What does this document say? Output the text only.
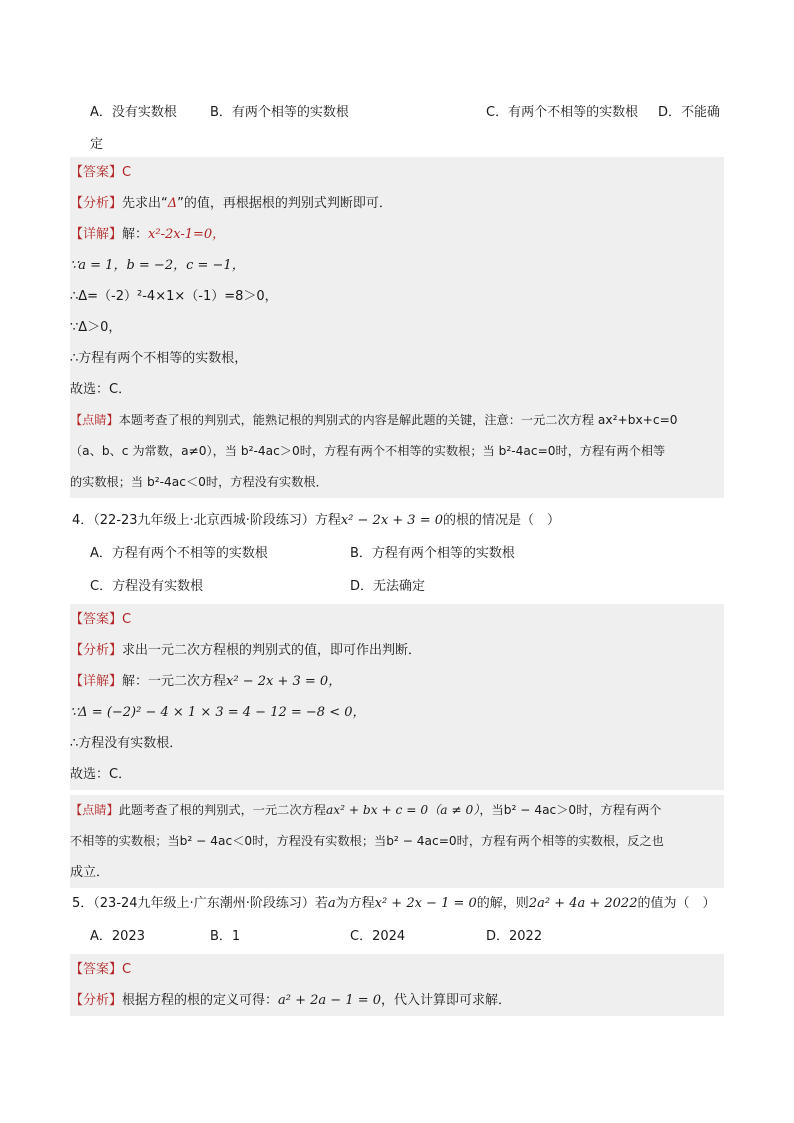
A．没有实数根	B．有两个相等的实数根	C．有两个不相等的实数根 D．不能确
定
【答案】C
【分析】先求出“Δ”的值，再根据根的判别式判断即可．
【详解】解：x²-2x-1=0，
∵a = 1，b = −2，c = −1，
∴Δ=（-2）²-4×1×（-1）=8＞0，
∵Δ＞0，
∴方程有两个不相等的实数根，
故选：C．
【点睛】本题考查了根的判别式，能熟记根的判别式的内容是解此题的关键，注意：一元二次方程 ax²+bx+c=0
（a、b、c 为常数，a≠0），当 b²-4ac＞0时，方程有两个不相等的实数根；当 b²-4ac=0时，方程有两个相等
的实数根；当 b²-4ac＜0时，方程没有实数根．
4．（22-23九年级上·北京西城·阶段练习）方程x² − 2x + 3 = 0的根的情况是（　）
A．方程有两个不相等的实数根	B．方程有两个相等的实数根
C．方程没有实数根	D．无法确定
【答案】C
【分析】求出一元二次方程根的判别式的值，即可作出判断．
【详解】解：一元二次方程x² − 2x + 3 = 0，
∵Δ = (−2)² − 4 × 1 × 3 = 4 − 12 = −8 < 0，
∴方程没有实数根．
故选：C．
【点睛】此题考查了根的判别式，一元二次方程ax² + bx + c = 0（a ≠ 0），当b² − 4ac＞0时，方程有两个
不相等的实数根；当b² − 4ac＜0时，方程没有实数根；当b² − 4ac=0时，方程有两个相等的实数根，反之也
成立．
5．（23-24九年级上·广东潮州·阶段练习）若a为方程x² + 2x − 1 = 0的解，则2a² + 4a + 2022的值为（　）
A．2023	B．1	C．2024	D．2022
【答案】C
【分析】根据方程的根的定义可得：a² + 2a − 1 = 0，代入计算即可求解．
